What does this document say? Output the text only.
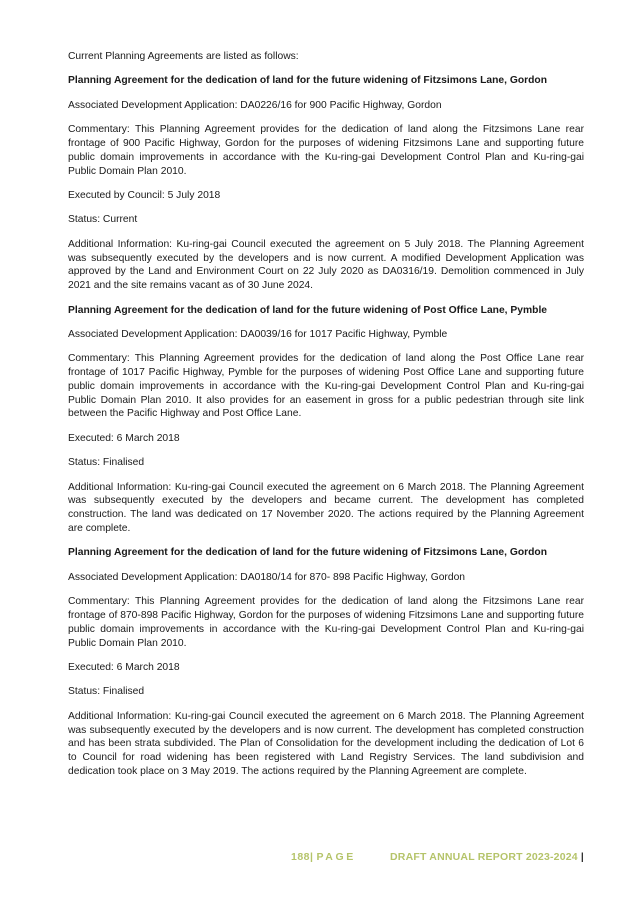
Current Planning Agreements are listed as follows:

Planning Agreement for the dedication of land for the future widening of Fitzsimons Lane, Gordon

Associated Development Application: DA0226/16 for 900 Pacific Highway, Gordon

Commentary: This Planning Agreement provides for the dedication of land along the Fitzsimons Lane rear frontage of 900 Pacific Highway, Gordon for the purposes of widening Fitzsimons Lane and supporting future public domain improvements in accordance with the Ku-ring-gai Development Control Plan and Ku-ring-gai Public Domain Plan 2010.

Executed by Council: 5 July 2018

Status: Current

Additional Information: Ku-ring-gai Council executed the agreement on 5 July 2018. The Planning Agreement was subsequently executed by the developers and is now current. A modified Development Application was approved by the Land and Environment Court on 22 July 2020 as DA0316/19. Demolition commenced in July 2021 and the site remains vacant as of 30 June 2024.

Planning Agreement for the dedication of land for the future widening of Post Office Lane, Pymble

Associated Development Application: DA0039/16 for 1017 Pacific Highway, Pymble

Commentary: This Planning Agreement provides for the dedication of land along the Post Office Lane rear frontage of 1017 Pacific Highway, Pymble for the purposes of widening Post Office Lane and supporting future public domain improvements in accordance with the Ku-ring-gai Development Control Plan and Ku-ring-gai Public Domain Plan 2010. It also provides for an easement in gross for a public pedestrian through site link between the Pacific Highway and Post Office Lane.

Executed: 6 March 2018

Status: Finalised

Additional Information: Ku-ring-gai Council executed the agreement on 6 March 2018. The Planning Agreement was subsequently executed by the developers and became current. The development has completed construction. The land was dedicated on 17 November 2020. The actions required by the Planning Agreement are complete.

Planning Agreement for the dedication of land for the future widening of Fitzsimons Lane, Gordon

Associated Development Application: DA0180/14 for 870- 898 Pacific Highway, Gordon

Commentary: This Planning Agreement provides for the dedication of land along the Fitzsimons Lane rear frontage of 870-898 Pacific Highway, Gordon for the purposes of widening Fitzsimons Lane and supporting future public domain improvements in accordance with the Ku-ring-gai Development Control Plan and Ku-ring-gai Public Domain Plan 2010.

Executed: 6 March 2018

Status: Finalised

Additional Information: Ku-ring-gai Council executed the agreement on 6 March 2018. The Planning Agreement was subsequently executed by the developers and is now current. The development has completed construction and has been strata subdivided. The Plan of Consolidation for the development including the dedication of Lot 6 to Council for road widening has been registered with Land Registry Services. The land subdivision and dedication took place on 3 May 2019. The actions required by the Planning Agreement are complete.

188| PAGE	DRAFT ANNUAL REPORT 2023-2024 |
